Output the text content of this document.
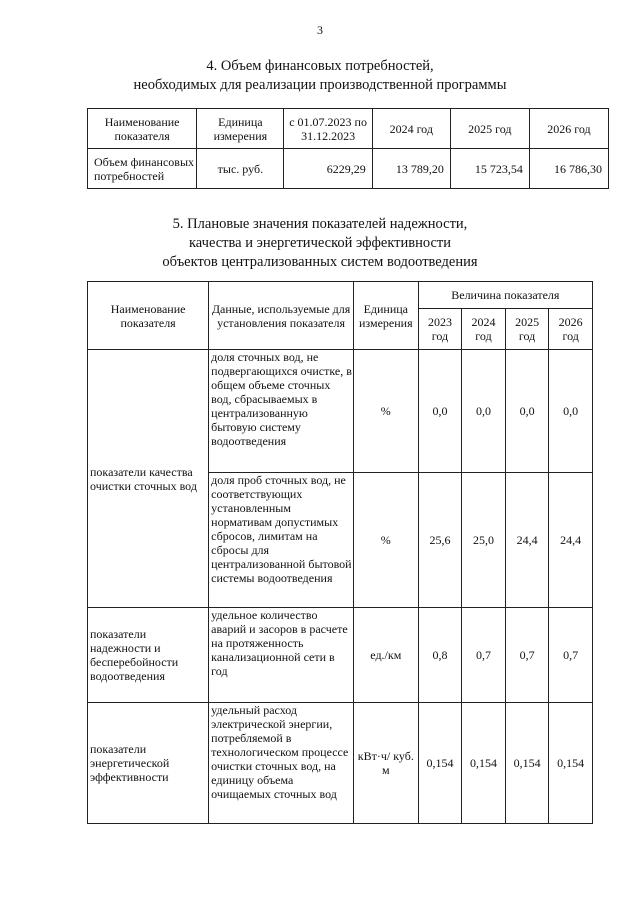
3
4. Объем финансовых потребностей,
необходимых для реализации производственной программы
Наименование показателя	Единица измерения	с 01.07.2023 по 31.12.2023	2024 год	2025 год	2026 год
Объем финансовых потребностей	тыс. руб.	6229,29	13 789,20	15 723,54	16 786,30
5. Плановые значения показателей надежности,
качества и энергетической эффективности
объектов централизованных систем водоотведения
Наименование показателя	Данные, используемые для установления показателя	Единица измерения	Величина показателя			
			2023 год	2024 год	2025 год	2026 год
показатели качества очистки сточных вод	доля сточных вод, не подвергающихся очистке, в общем объеме сточных вод, сбрасываемых в централизованную бытовую систему водоотведения	%	0,0	0,0	0,0	0,0
	доля проб сточных вод, не соответствующих установленным нормативам допустимых сбросов, лимитам на сбросы для централизованной бытовой системы водоотведения	%	25,6	25,0	24,4	24,4
показатели надежности и бесперебойности водоотведения	удельное количество аварий и засоров в расчете на протяженность канализационной сети в год	ед./км	0,8	0,7	0,7	0,7
показатели энергетической эффективности	удельный расход электрической энергии, потребляемой в технологическом процессе очистки сточных вод, на единицу объема очищаемых сточных вод	кВт·ч/ куб. м	0,154	0,154	0,154	0,154
